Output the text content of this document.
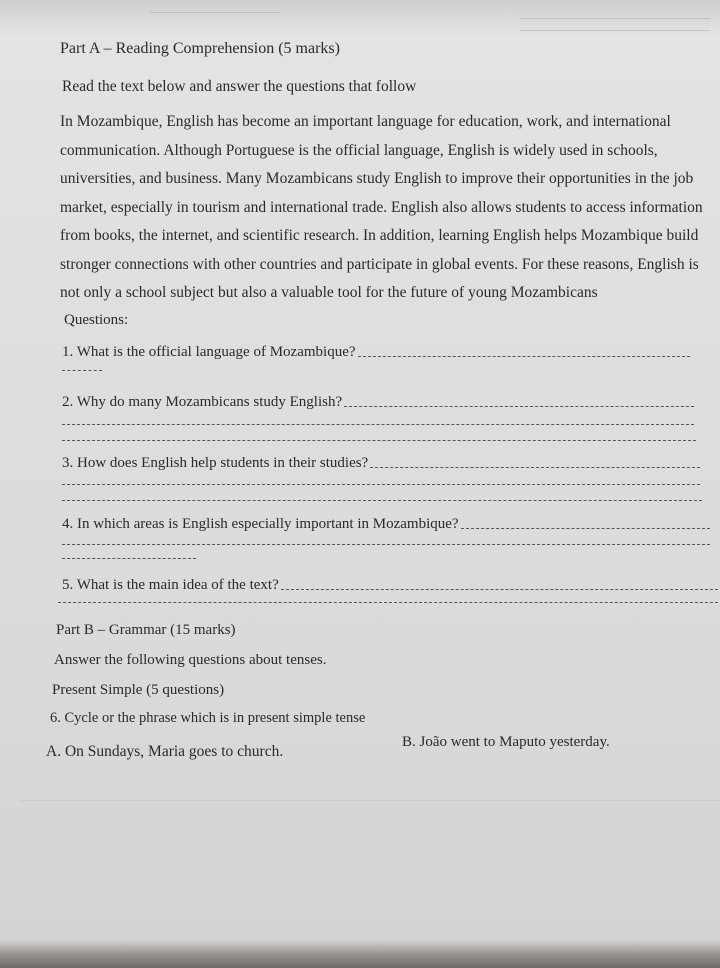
Part A – Reading Comprehension (5 marks)
Read the text below and answer the questions that follow
In Mozambique, English has become an important language for education, work, and international
communication. Although Portuguese is the official language, English is widely used in schools,
universities, and business. Many Mozambicans study English to improve their opportunities in the job
market, especially in tourism and international trade. English also allows students to access information
from books, the internet, and scientific research. In addition, learning English helps Mozambique build
stronger connections with other countries and participate in global events. For these reasons, English is
not only a school subject but also a valuable tool for the future of young Mozambicans
Questions:
1. What is the official language of Mozambique?
2. Why do many Mozambicans study English?
3. How does English help students in their studies?
4. In which areas is English especially important in Mozambique?
5. What is the main idea of the text?
Part B – Grammar (15 marks)
Answer the following questions about tenses.
Present Simple (5 questions)
6. Cycle or the phrase which is in present simple tense
A. On Sundays, Maria goes to church.
B. João went to Maputo yesterday.
